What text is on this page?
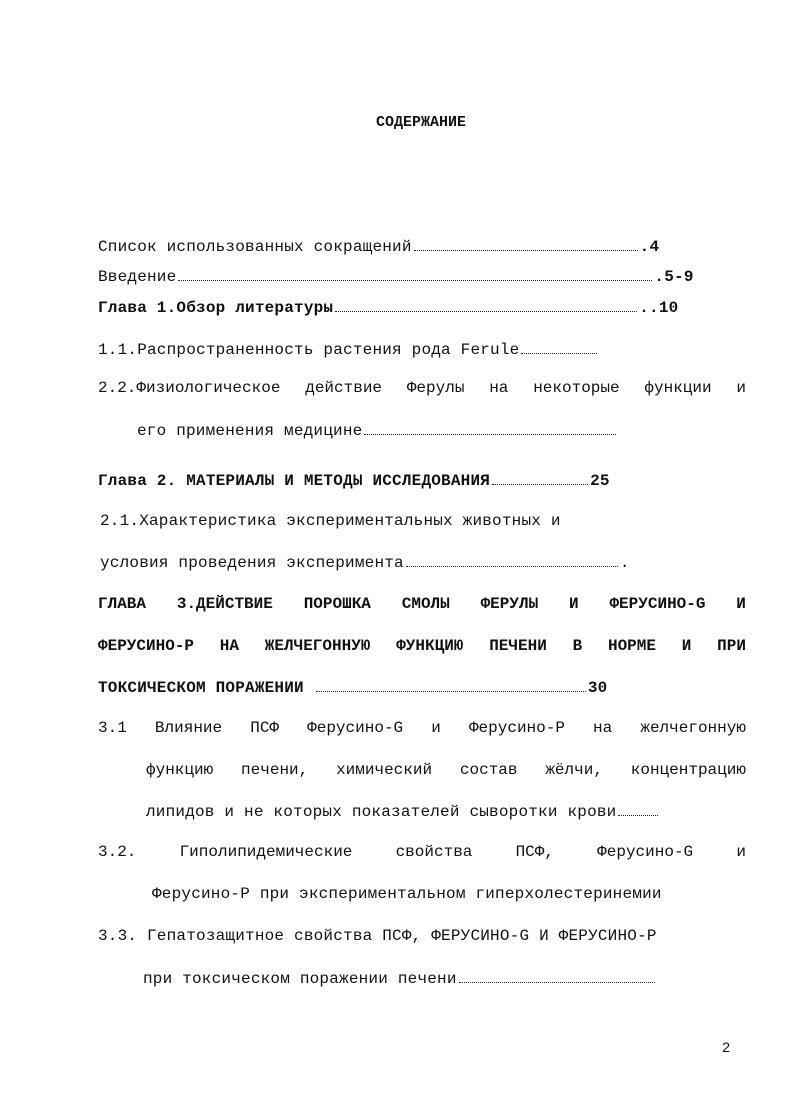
СОДЕРЖАНИЕ
Список использованных сокращений	.4
Введение	.5-9
Глава 1.Обзор литературы	..10
1.1.Распространенность растения рода Ferule
2.2.Физиологическое действие Ферулы на некоторые функции и
его применения медицине
Глава 2. МАТЕРИАЛЫ И МЕТОДЫ ИССЛЕДОВАНИЯ	25
2.1.Характеристика экспериментальных животных и
условия проведения эксперимента	.
ГЛАВА 3.ДЕЙСТВИЕ ПОРОШКА СМОЛЫ ФЕРУЛЫ И ФЕРУСИНО-G И
ФЕРУСИНО-Р НА ЖЕЛЧЕГОННУЮ ФУНКЦИЮ ПЕЧЕНИ В НОРМЕ И ПРИ
ТОКСИЧЕСКОМ ПОРАЖЕНИИ	30
3.1 Влияние ПСФ Ферусино-G и Ферусино-Р на желчегонную
функцию печени, химический состав жёлчи, концентрацию
липидов и не которых показателей сыворотки крови
3.2.	Гиполипидемические	свойства	ПСФ,	Ферусино-G	и
Ферусино-Р при экспериментальном гиперхолестеринемии
3.3. Гепатозащитное свойства ПСФ, ФЕРУСИНО-G И ФЕРУСИНО-Р
при токсическом поражении печени
2
